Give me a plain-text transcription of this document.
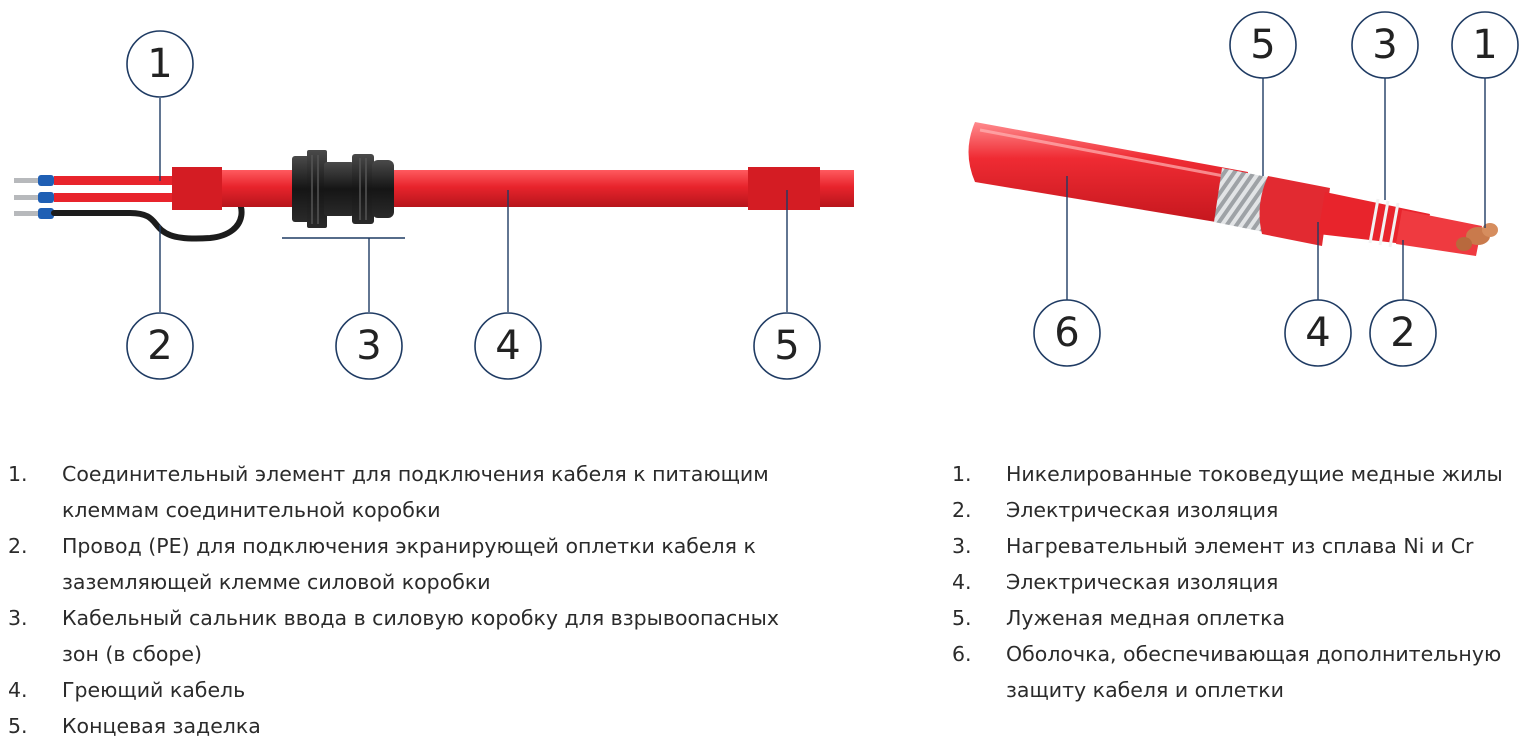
1
2	3	4	5
5 3 1
6	4 2
1.	Соединительный элемент для подключения кабеля к питающим клеммам соединительной коробки
2.	Провод (PE) для подключения экранирующей оплетки кабеля к заземляющей клемме силовой коробки
3.	Кабельный сальник ввода в силовую коробку для взрывоопасных зон (в сборе)
4.	Греющий кабель
5.	Концевая заделка
1.	Никелированные токоведущие медные жилы
2.	Электрическая изоляция
3.	Нагревательный элемент из сплава Ni и Cr
4.	Электрическая изоляция
5.	Луженая медная оплетка
6.	Оболочка, обеспечивающая дополнительную защиту кабеля и оплетки
